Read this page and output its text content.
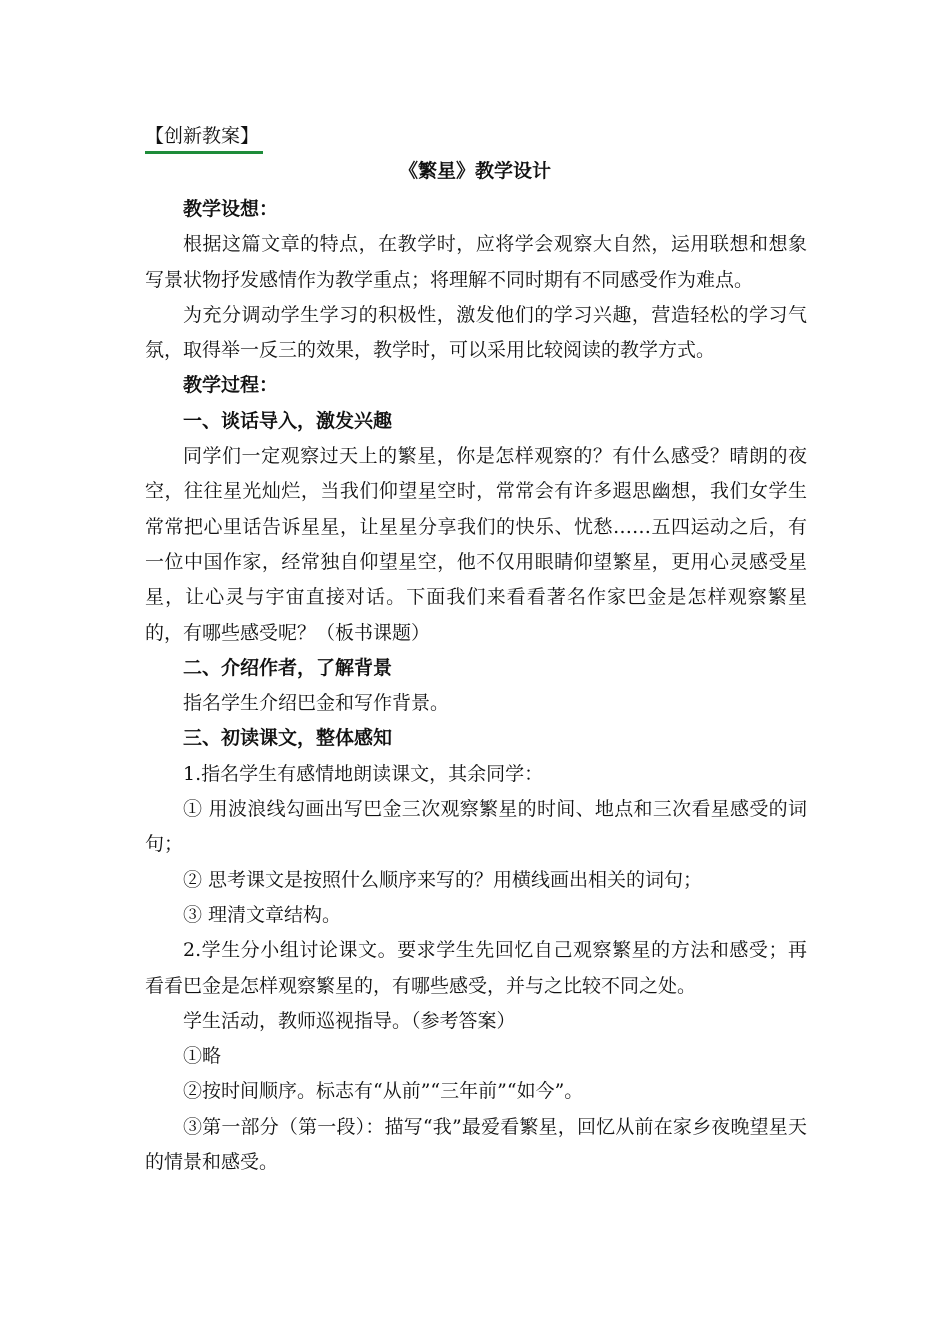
【创新教案】
《繁星》教学设计

教学设想：

根据这篇文章的特点，在教学时，应将学会观察大自然，运用联想和想象写景状物抒发感情作为教学重点；将理解不同时期有不同感受作为难点。

为充分调动学生学习的积极性，激发他们的学习兴趣，营造轻松的学习气氛，取得举一反三的效果，教学时，可以采用比较阅读的教学方式。

教学过程：

一、谈话导入，激发兴趣

同学们一定观察过天上的繁星，你是怎样观察的？有什么感受？晴朗的夜空，往往星光灿烂，当我们仰望星空时，常常会有许多遐思幽想，我们女学生常常把心里话告诉星星，让星星分享我们的快乐、忧愁……五四运动之后，有一位中国作家，经常独自仰望星空，他不仅用眼睛仰望繁星，更用心灵感受星星，让心灵与宇宙直接对话。下面我们来看看著名作家巴金是怎样观察繁星的，有哪些感受呢？（板书课题）

二、介绍作者，了解背景

指名学生介绍巴金和写作背景。

三、初读课文，整体感知

1.指名学生有感情地朗读课文，其余同学：

① 用波浪线勾画出写巴金三次观察繁星的时间、地点和三次看星感受的词句；

② 思考课文是按照什么顺序来写的？用横线画出相关的词句；

③ 理清文章结构。

2.学生分小组讨论课文。要求学生先回忆自己观察繁星的方法和感受；再看看巴金是怎样观察繁星的，有哪些感受，并与之比较不同之处。

学生活动，教师巡视指导。（参考答案）

①略

②按时间顺序。标志有“从前”“三年前”“如今”。

③第一部分（第一段）：描写“我”最爱看繁星，回忆从前在家乡夜晚望星天的情景和感受。
